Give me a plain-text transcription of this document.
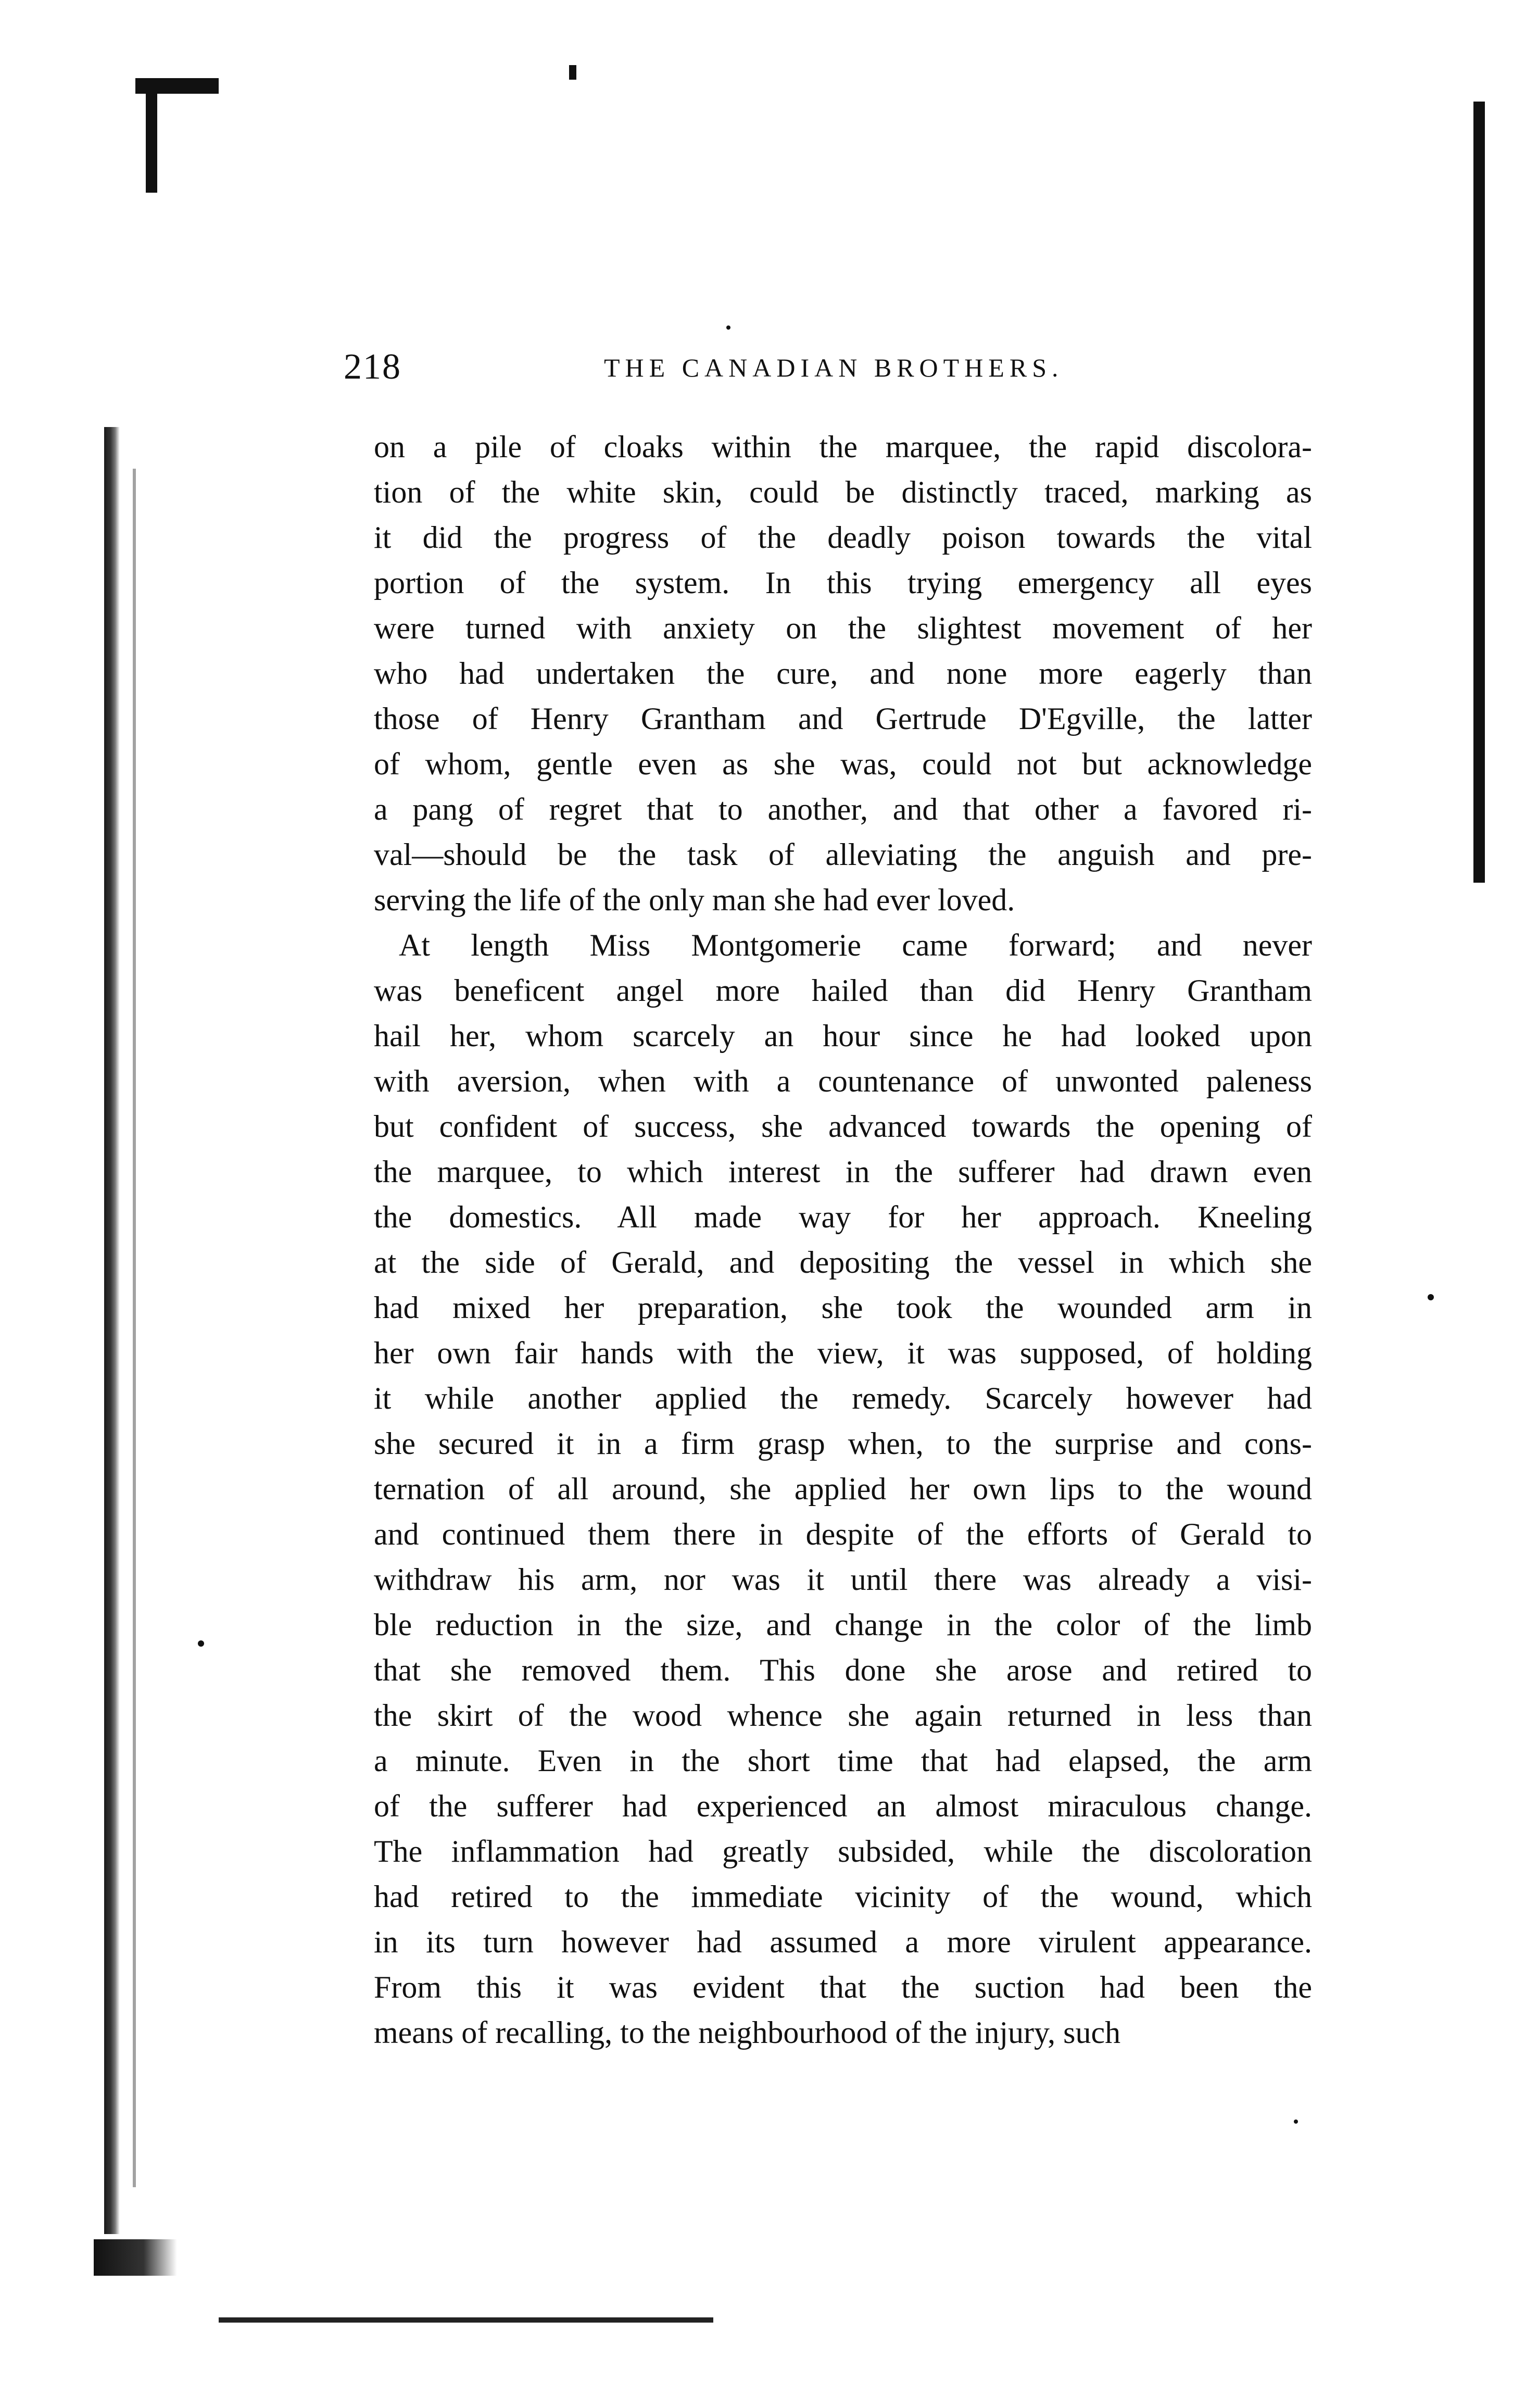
218	THE CANADIAN BROTHERS.

on a pile of cloaks within the marquee, the rapid discolora-
tion of the white skin, could be distinctly traced, marking as
it did the progress of the deadly poison towards the vital
portion of the system. In this trying emergency all eyes
were turned with anxiety on the slightest movement of her
who had undertaken the cure, and none more eagerly than
those of Henry Grantham and Gertrude D'Egville, the latter
of whom, gentle even as she was, could not but acknowledge
a pang of regret that to another, and that other a favored ri-
val—should be the task of alleviating the anguish and pre-
serving the life of the only man she had ever loved.

At length Miss Montgomerie came forward; and never
was beneficent angel more hailed than did Henry Grantham
hail her, whom scarcely an hour since he had looked upon
with aversion, when with a countenance of unwonted paleness
but confident of success, she advanced towards the opening of
the marquee, to which interest in the sufferer had drawn even
the domestics. All made way for her approach. Kneeling
at the side of Gerald, and depositing the vessel in which she
had mixed her preparation, she took the wounded arm in
her own fair hands with the view, it was supposed, of holding
it while another applied the remedy. Scarcely however had
she secured it in a firm grasp when, to the surprise and cons-
ternation of all around, she applied her own lips to the wound
and continued them there in despite of the efforts of Gerald to
withdraw his arm, nor was it until there was already a visi-
ble reduction in the size, and change in the color of the limb
that she removed them. This done she arose and retired to
the skirt of the wood whence she again returned in less than
a minute. Even in the short time that had elapsed, the arm
of the sufferer had experienced an almost miraculous change.
The inflammation had greatly subsided, while the discoloration
had retired to the immediate vicinity of the wound, which
in its turn however had assumed a more virulent appearance.
From this it was evident that the suction had been the
means of recalling, to the neighbourhood of the injury, such
